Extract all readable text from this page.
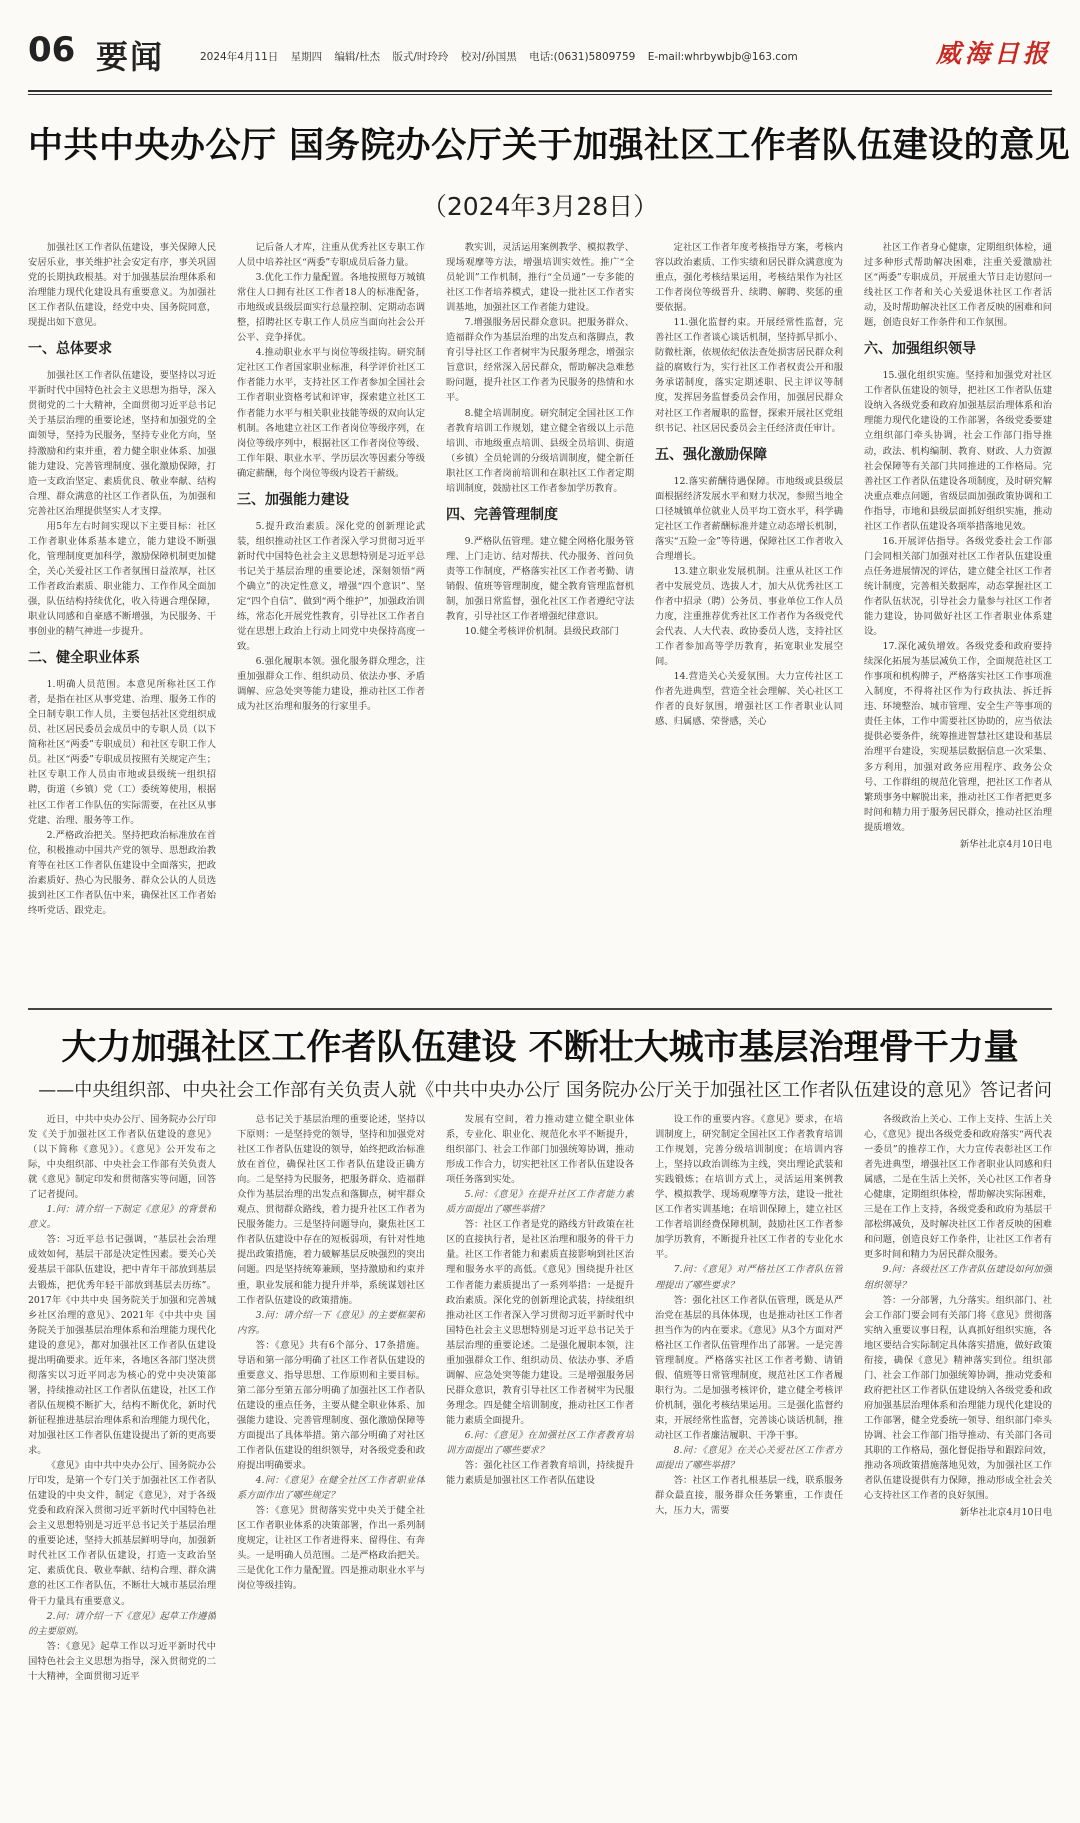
06 要闻	2024年4月11日 星期四 编辑/杜杰 版式/时玲玲 校对/孙国黑 电话:(0631)5809759 E-mail:whrbywbjb@163.com	威海日报
中共中央办公厅 国务院办公厅关于加强社区工作者队伍建设的意见
（2024年3月28日）

加强社区工作者队伍建设，事关保障人民安居乐业，事关维护社会安定有序，事关巩固党的长期执政根基。对于加强基层治理体系和治理能力现代化建设具有重要意义。为加强社区工作者队伍建设，经党中央、国务院同意，现提出如下意见。

一、总体要求

加强社区工作者队伍建设，要坚持以习近平新时代中国特色社会主义思想为指导，深入贯彻党的二十大精神，全面贯彻习近平总书记关于基层治理的重要论述，坚持和加强党的全面领导，坚持为民服务，坚持专业化方向，坚持激励和约束并重，着力健全职业体系、加强能力建设、完善管理制度、强化激励保障，打造一支政治坚定、素质优良、敬业奉献、结构合理、群众满意的社区工作者队伍，为加强和完善社区治理提供坚实人才支撑。

用5年左右时间实现以下主要目标：社区工作者职业体系基本建立，能力建设不断强化，管理制度更加科学，激励保障机制更加健全，关心关爱社区工作者氛围日益浓厚，社区工作者政治素质、职业能力、工作作风全面加强，队伍结构持续优化，收入待遇合理保障，职业认同感和自豪感不断增强，为民服务、干事创业的精气神进一步提升。

二、健全职业体系

1.明确人员范围。本意见所称社区工作者，是指在社区从事党建、治理、服务工作的全日制专职工作人员，主要包括社区党组织成员、社区居民委员会成员中的专职人员（以下简称社区“两委”专职成员）和社区专职工作人员。社区“两委”专职成员按照有关规定产生；社区专职工作人员由市地或县级统一组织招聘，街道（乡镇）党（工）委统筹使用，根据社区工作者工作队伍的实际需要，在社区从事党建、治理、服务等工作。

2.严格政治把关。坚持把政治标准放在首位，积极推动中国共产党的领导、思想政治教育等在社区工作者队伍建设中全面落实，把政治素质好、热心为民服务、群众公认的人员选拔到社区工作者队伍中来，确保社区工作者始终听党话、跟党走。

记后备人才库，注重从优秀社区专职工作人员中培养社区“两委”专职成员后备力量。

3.优化工作力量配置。各地按照每万城镇常住人口拥有社区工作者18人的标准配备，市地级或县级层面实行总量控制、定期动态调整，招聘社区专职工作人员应当面向社会公开公平、竞争择优。

4.推动职业水平与岗位等级挂钩。研究制定社区工作者国家职业标准，科学评价社区工作者能力水平，支持社区工作者参加全国社会工作者职业资格考试和评审，探索建立社区工作者能力水平与相关职业技能等级的双向认定机制。各地建立社区工作者岗位等级序列，在岗位等级序列中，根据社区工作者岗位等级、工作年限、职业水平、学历层次等因素分等级确定薪酬，每个岗位等级内设若干薪级。

三、加强能力建设

5.提升政治素质。深化党的创新理论武装，组织推动社区工作者深入学习贯彻习近平新时代中国特色社会主义思想特别是习近平总书记关于基层治理的重要论述，深刻领悟“两个确立”的决定性意义，增强“四个意识”、坚定“四个自信”、做到“两个维护”，加强政治训练，常态化开展党性教育，引导社区工作者自觉在思想上政治上行动上同党中央保持高度一致。

6.强化履职本领。强化服务群众理念，注重加强群众工作、组织动员、依法办事、矛盾调解、应急处突等能力建设，推动社区工作者成为社区治理和服务的行家里手。

教实训，灵活运用案例教学、模拟教学、现场观摩等方法，增强培训实效性。推广“全员轮训”工作机制，推行“全员通”一专多能的社区工作者培养模式，建设一批社区工作者实训基地，加强社区工作者能力建设。

7.增强服务居民群众意识。把服务群众、造福群众作为基层治理的出发点和落脚点，教育引导社区工作者树牢为民服务理念，增强宗旨意识，经常深入居民群众，帮助解决急难愁盼问题，提升社区工作者为民服务的热情和水平。

8.健全培训制度。研究制定全国社区工作者教育培训工作规划，建立健全省级以上示范培训、市地级重点培训、县级全员培训、街道（乡镇）全员轮训的分级培训制度，健全新任职社区工作者岗前培训和在职社区工作者定期培训制度，鼓励社区工作者参加学历教育。

四、完善管理制度

9.严格队伍管理。建立健全网格化服务管理、上门走访、结对帮扶、代办服务、首问负责等工作制度，严格落实社区工作者考勤、请销假、值班等管理制度，健全教育管理监督机制，加强日常监督，强化社区工作者遵纪守法教育，引导社区工作者增强纪律意识。

10.健全考核评价机制。县级民政部门

定社区工作者年度考核指导方案，考核内容以政治素质、工作实绩和居民群众满意度为重点，强化考核结果运用，考核结果作为社区工作者岗位等级晋升、续聘、解聘、奖惩的重要依据。

11.强化监督约束。开展经常性监督，完善社区工作者谈心谈话机制，坚持抓早抓小、防微杜渐，依规依纪依法查处损害居民群众利益的腐败行为，实行社区工作者权责公开和服务承诺制度，落实定期述职、民主评议等制度，发挥居务监督委员会作用，加强居民群众对社区工作者履职的监督，探索开展社区党组织书记、社区居民委员会主任经济责任审计。

五、强化激励保障

12.落实薪酬待遇保障。市地级或县级层面根据经济发展水平和财力状况，参照当地全口径城镇单位就业人员平均工资水平，科学确定社区工作者薪酬标准并建立动态增长机制，落实“五险一金”等待遇，保障社区工作者收入合理增长。

13.建立职业发展机制。注重从社区工作者中发展党员、选拔人才，加大从优秀社区工作者中招录（聘）公务员、事业单位工作人员力度，注重推荐优秀社区工作者作为各级党代会代表、人大代表、政协委员人选，支持社区工作者参加高等学历教育，拓宽职业发展空间。

14.营造关心关爱氛围。大力宣传社区工作者先进典型，营造全社会理解、关心社区工作者的良好氛围，增强社区工作者职业认同感、归属感、荣誉感，关心

社区工作者身心健康，定期组织体检，通过多种形式帮助解决困难，注重关爱激励社区“两委”专职成员，开展重大节日走访慰问一线社区工作者和关心关爱退休社区工作者活动，及时帮助解决社区工作者反映的困难和问题，创造良好工作条件和工作氛围。

六、加强组织领导

15.强化组织实施。坚持和加强党对社区工作者队伍建设的领导，把社区工作者队伍建设纳入各级党委和政府加强基层治理体系和治理能力现代化建设的工作部署，各级党委要建立组织部门牵头协调，社会工作部门指导推动，政法、机构编制、教育、财政、人力资源社会保障等有关部门共同推进的工作格局。完善社区工作者队伍建设各项制度，及时研究解决重点难点问题，省级层面加强政策协调和工作指导，市地和县级层面抓好组织实施，推动社区工作者队伍建设各项举措落地见效。

16.开展评估指导。各级党委社会工作部门会同相关部门加强对社区工作者队伍建设重点任务进展情况的评估，建立健全社区工作者统计制度，完善相关数据库，动态掌握社区工作者队伍状况，引导社会力量参与社区工作者能力建设，协同做好社区工作者职业体系建设。

17.深化减负增效。各级党委和政府要持续深化拓展为基层减负工作，全面规范社区工作事项和机构牌子，严格落实社区工作事项准入制度，不得将社区作为行政执法、拆迁拆违、环境整治、城市管理、安全生产等事项的责任主体，工作中需要社区协助的，应当依法提供必要条件，统筹推进智慧社区建设和基层治理平台建设，实现基层数据信息一次采集、多方利用，加强对政务应用程序、政务公众号、工作群组的规范化管理，把社区工作者从繁琐事务中解脱出来，推动社区工作者把更多时间和精力用于服务居民群众，推动社区治理提质增效。

新华社北京4月10日电

大力加强社区工作者队伍建设 不断壮大城市基层治理骨干力量
——中央组织部、中央社会工作部有关负责人就《中共中央办公厅 国务院办公厅关于加强社区工作者队伍建设的意见》答记者问

近日，中共中央办公厅、国务院办公厅印发《关于加强社区工作者队伍建设的意见》（以下简称《意见》）。《意见》公开发布之际，中央组织部、中央社会工作部有关负责人就《意见》制定印发和贯彻落实等问题，回答了记者提问。

1.问：请介绍一下制定《意见》的背景和意义。

答：习近平总书记强调，“基层社会治理成效如何，基层干部是决定性因素。要关心关爱基层干部队伍建设，把中青年干部放到基层去锻炼，把优秀年轻干部放到基层去历练”。2017年《中共中央 国务院关于加强和完善城乡社区治理的意见》、2021年《中共中央 国务院关于加强基层治理体系和治理能力现代化建设的意见》，都对加强社区工作者队伍建设提出明确要求。近年来，各地区各部门坚决贯彻落实以习近平同志为核心的党中央决策部署，持续推动社区工作者队伍建设，社区工作者队伍规模不断扩大，结构不断优化，新时代新征程推进基层治理体系和治理能力现代化，对加强社区工作者队伍建设提出了新的更高要求。

《意见》由中共中央办公厅、国务院办公厅印发，是第一个专门关于加强社区工作者队伍建设的中央文件，制定《意见》，对于各级党委和政府深入贯彻习近平新时代中国特色社会主义思想特别是习近平总书记关于基层治理的重要论述，坚持大抓基层鲜明导向，加强新时代社区工作者队伍建设，打造一支政治坚定、素质优良、敬业奉献、结构合理、群众满意的社区工作者队伍，不断壮大城市基层治理骨干力量具有重要意义。

2.问：请介绍一下《意见》起草工作遵循的主要原则。

答：《意见》起草工作以习近平新时代中国特色社会主义思想为指导，深入贯彻党的二十大精神，全面贯彻习近平

总书记关于基层治理的重要论述，坚持以下原则：一是坚持党的领导，坚持和加强党对社区工作者队伍建设的领导，始终把政治标准放在首位，确保社区工作者队伍建设正确方向。二是坚持为民服务，把服务群众、造福群众作为基层治理的出发点和落脚点，树牢群众观点、贯彻群众路线，着力提升社区工作者为民服务能力。三是坚持问题导向，聚焦社区工作者队伍建设中存在的短板弱项，有针对性地提出政策措施，着力破解基层反映强烈的突出问题。四是坚持统筹兼顾，坚持激励和约束并重，职业发展和能力提升并举，系统谋划社区工作者队伍建设的政策措施。

3.问：请介绍一下《意见》的主要框架和内容。

答：《意见》共有6个部分、17条措施。导语和第一部分明确了社区工作者队伍建设的重要意义、指导思想、工作原则和主要目标。第二部分至第五部分明确了加强社区工作者队伍建设的重点任务，主要从健全职业体系、加强能力建设、完善管理制度、强化激励保障等方面提出了具体举措。第六部分明确了对社区工作者队伍建设的组织领导，对各级党委和政府提出明确要求。

4.问：《意见》在健全社区工作者职业体系方面作出了哪些规定？

答：《意见》贯彻落实党中央关于健全社区工作者职业体系的决策部署，作出一系列制度规定，让社区工作者进得来、留得住、有奔头。一是明确人员范围。二是严格政治把关。三是优化工作力量配置。四是推动职业水平与岗位等级挂钩。

发展有空间，着力推动建立健全职业体系，专业化、职业化、规范化水平不断提升，组织部门、社会工作部门加强统筹协调，推动形成工作合力，切实把社区工作者队伍建设各项任务落到实处。

5.问：《意见》在提升社区工作者能力素质方面提出了哪些举措？

答：社区工作者是党的路线方针政策在社区的直接执行者，是社区治理和服务的骨干力量。社区工作者能力和素质直接影响到社区治理和服务水平的高低。《意见》围绕提升社区工作者能力素质提出了一系列举措：一是提升政治素质。深化党的创新理论武装，持续组织推动社区工作者深入学习贯彻习近平新时代中国特色社会主义思想特别是习近平总书记关于基层治理的重要论述。二是强化履职本领，注重加强群众工作、组织动员、依法办事、矛盾调解、应急处突等能力建设。三是增强服务居民群众意识，教育引导社区工作者树牢为民服务理念。四是健全培训制度，推动社区工作者能力素质全面提升。

6.问：《意见》在加强社区工作者教育培训方面提出了哪些要求？

答：强化社区工作者教育培训，持续提升能力素质是加强社区工作者队伍建设

设工作的重要内容。《意见》要求，在培训制度上，研究制定全国社区工作者教育培训工作规划，完善分级培训制度；在培训内容上，坚持以政治训练为主线，突出理论武装和实践锻炼；在培训方式上，灵活运用案例教学、模拟教学、现场观摩等方法，建设一批社区工作者实训基地；在培训保障上，建立社区工作者培训经费保障机制，鼓励社区工作者参加学历教育，不断提升社区工作者的专业化水平。

7.问：《意见》对严格社区工作者队伍管理提出了哪些要求？

答：强化社区工作者队伍管理，既是从严治党在基层的具体体现，也是推动社区工作者担当作为的内在要求。《意见》从3个方面对严格社区工作者队伍管理作出了部署。一是完善管理制度。严格落实社区工作者考勤、请销假、值班等日常管理制度，规范社区工作者履职行为。二是加强考核评价，建立健全考核评价机制，强化考核结果运用。三是强化监督约束，开展经常性监督，完善谈心谈话机制，推动社区工作者廉洁履职、干净干事。

8.问：《意见》在关心关爱社区工作者方面提出了哪些举措？

答：社区工作者扎根基层一线，联系服务群众最直接，服务群众任务繁重，工作责任大，压力大，需要

各级政治上关心、工作上支持、生活上关心，《意见》提出各级党委和政府落实“两代表一委员”的推荐工作，大力宣传表彰社区工作者先进典型，增强社区工作者职业认同感和归属感，二是在生活上关怀，关心社区工作者身心健康，定期组织体检，帮助解决实际困难，三是在工作上支持，各级党委和政府为基层干部松绑减负，及时解决社区工作者反映的困难和问题，创造良好工作条件，让社区工作者有更多时间和精力为居民群众服务。

9.问：各级社区工作者队伍建设如何加强组织领导？

答：一分部署，九分落实。组织部门、社会工作部门要会同有关部门将《意见》贯彻落实纳入重要议事日程，认真抓好组织实施，各地区要结合实际制定具体落实措施，做好政策衔接，确保《意见》精神落实到位。组织部门、社会工作部门加强统筹协调，推动党委和政府把社区工作者队伍建设纳入各级党委和政府加强基层治理体系和治理能力现代化建设的工作部署，健全党委统一领导、组织部门牵头协调、社会工作部门指导推动、有关部门各司其职的工作格局，强化督促指导和跟踪问效，推动各项政策措施落地见效，为加强社区工作者队伍建设提供有力保障，推动形成全社会关心支持社区工作者的良好氛围。

新华社北京4月10日电
